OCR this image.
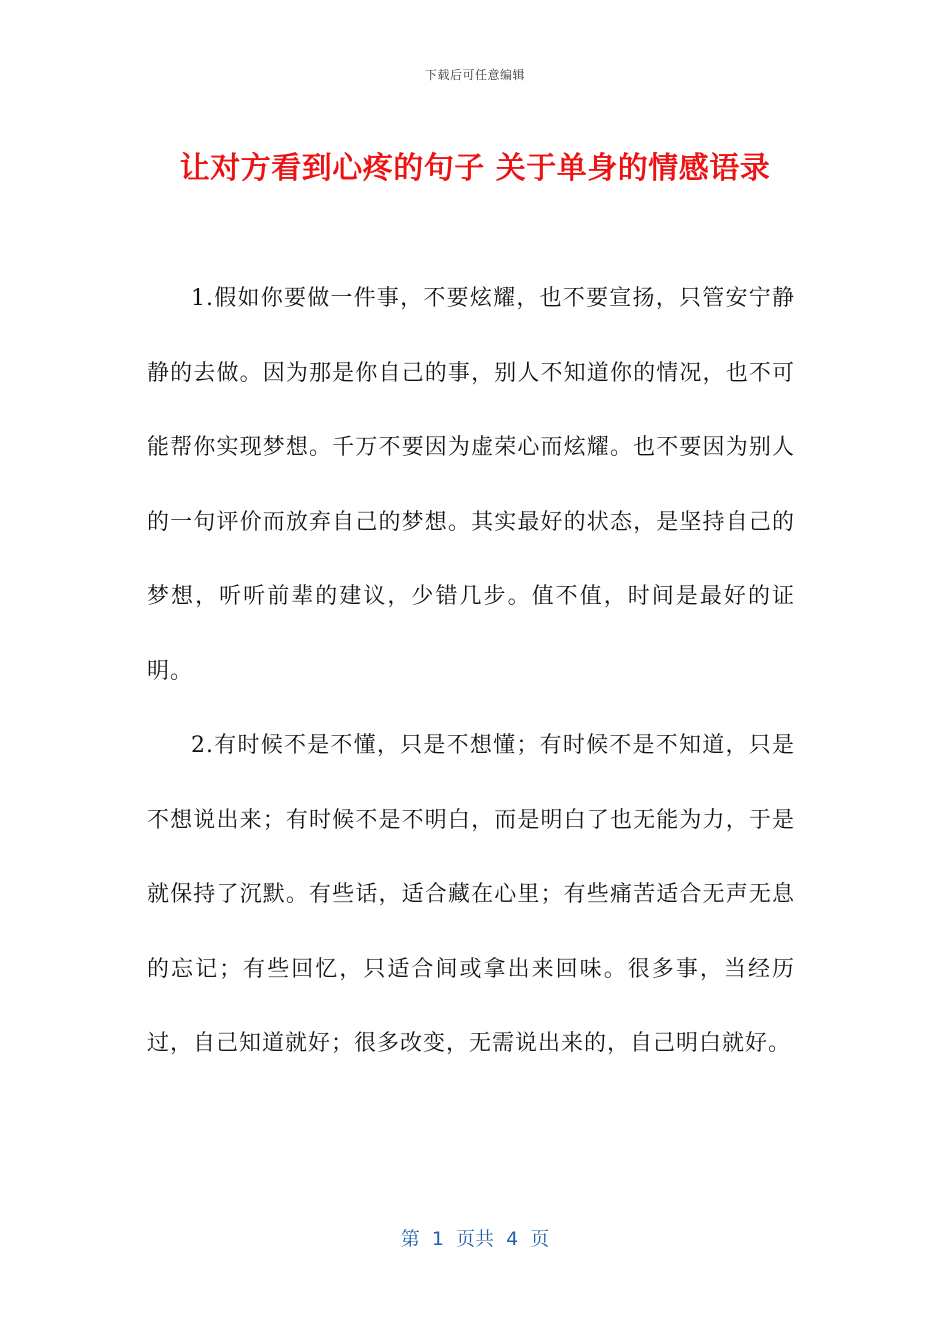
下载后可任意编辑
让对方看到心疼的句子 关于单身的情感语录

1.假如你要做一件事，不要炫耀，也不要宣扬，只管安宁静静的去做。因为那是你自己的事，别人不知道你的情况，也不可能帮你实现梦想。千万不要因为虚荣心而炫耀。也不要因为别人的一句评价而放弃自己的梦想。其实最好的状态，是坚持自己的梦想，听听前辈的建议，少错几步。值不值，时间是最好的证明。

2.有时候不是不懂，只是不想懂；有时候不是不知道，只是不想说出来；有时候不是不明白，而是明白了也无能为力，于是就保持了沉默。有些话，适合藏在心里；有些痛苦适合无声无息的忘记；有些回忆，只适合间或拿出来回味。很多事，当经历过，自己知道就好；很多改变，无需说出来的，自己明白就好。

第  1  页共  4  页
